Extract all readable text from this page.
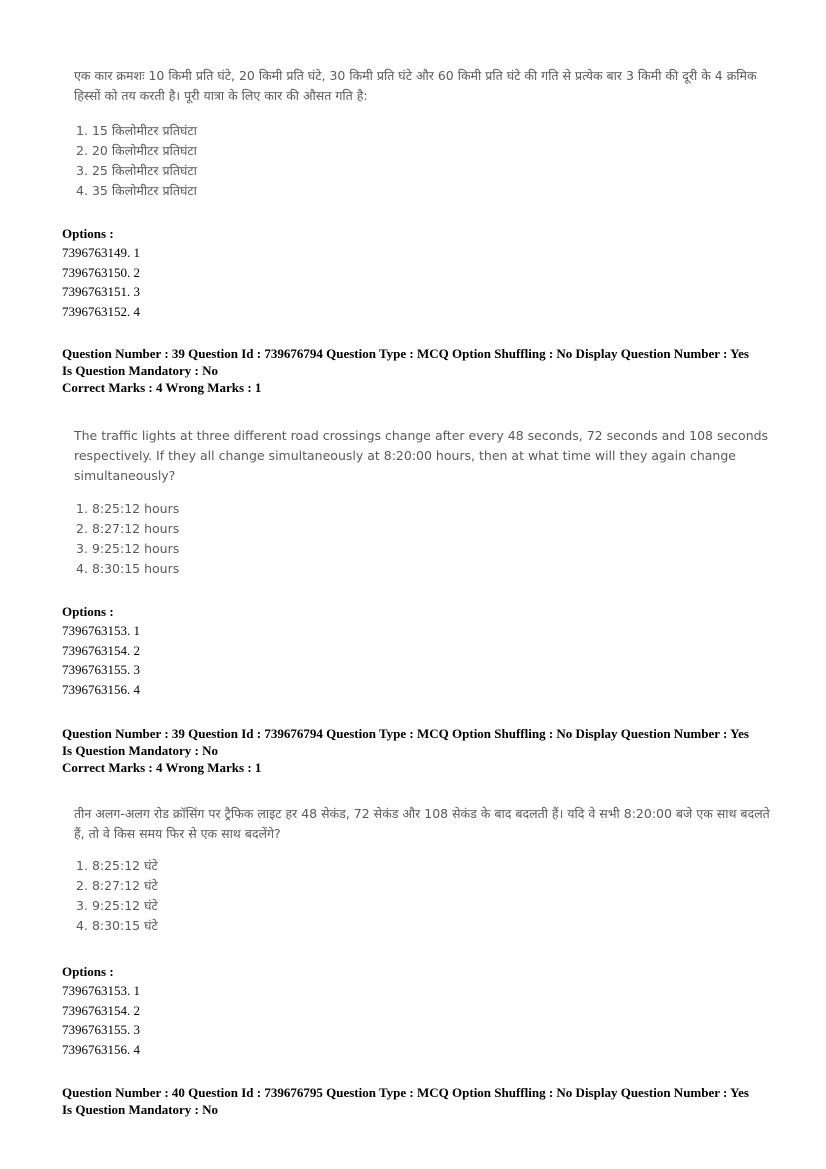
एक कार क्रमशः 10 किमी प्रति घंटे, 20 किमी प्रति घंटे, 30 किमी प्रति घंटे और 60 किमी प्रति घंटे की गति से प्रत्येक बार 3 किमी की दूरी के 4 क्रमिक हिस्सों को तय करती है। पूरी यात्रा के लिए कार की औसत गति है:

1. 15 किलोमीटर प्रतिघंटा
2. 20 किलोमीटर प्रतिघंटा
3. 25 किलोमीटर प्रतिघंटा
4. 35 किलोमीटर प्रतिघंटा
Options :
7396763149. 1
7396763150. 2
7396763151. 3
7396763152. 4
Question Number : 39 Question Id : 739676794 Question Type : MCQ Option Shuffling : No Display Question Number : Yes
Is Question Mandatory : No
Correct Marks : 4 Wrong Marks : 1

The traffic lights at three different road crossings change after every 48 seconds, 72 seconds and 108 seconds respectively. If they all change simultaneously at 8:20:00 hours, then at what time will they again change simultaneously?

1. 8:25:12 hours
2. 8:27:12 hours
3. 9:25:12 hours
4. 8:30:15 hours
Options :
7396763153. 1
7396763154. 2
7396763155. 3
7396763156. 4
Question Number : 39 Question Id : 739676794 Question Type : MCQ Option Shuffling : No Display Question Number : Yes
Is Question Mandatory : No
Correct Marks : 4 Wrong Marks : 1

तीन अलग-अलग रोड क्रॉसिंग पर ट्रैफिक लाइट हर 48 सेकंड, 72 सेकंड और 108 सेकंड के बाद बदलती हैं। यदि वे सभी 8:20:00 बजे एक साथ बदलते हैं, तो वे किस समय फिर से एक साथ बदलेंगे?

1. 8:25:12 घंटे
2. 8:27:12 घंटे
3. 9:25:12 घंटे
4. 8:30:15 घंटे
Options :
7396763153. 1
7396763154. 2
7396763155. 3
7396763156. 4
Question Number : 40 Question Id : 739676795 Question Type : MCQ Option Shuffling : No Display Question Number : Yes
Is Question Mandatory : No
